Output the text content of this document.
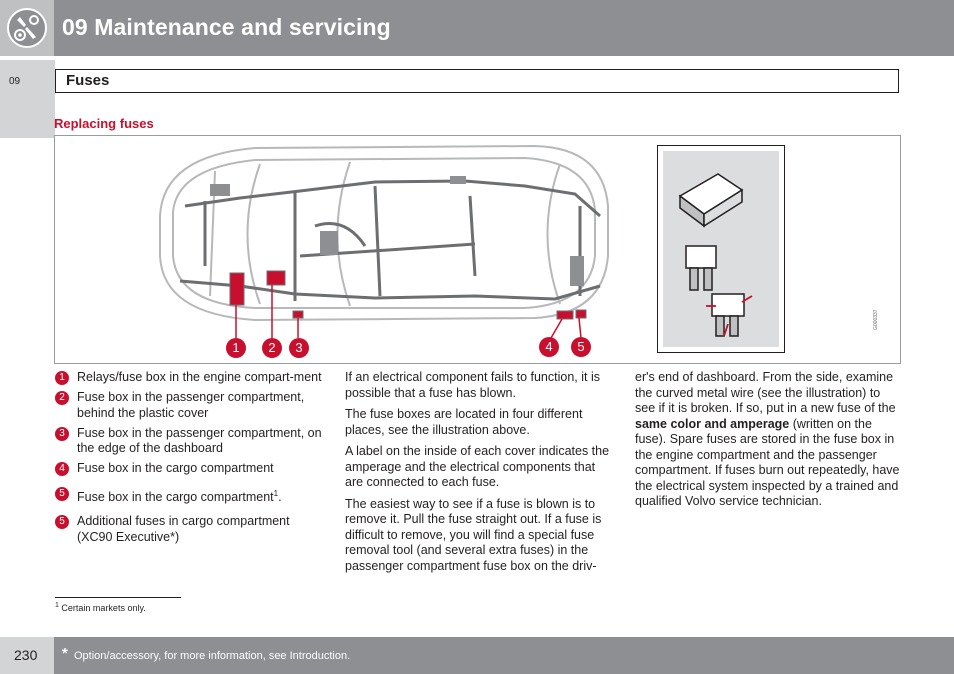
09 Maintenance and servicing
09	Fuses
Replacing fuses
1	2	3	4	5
G000337
1 Relays/fuse box in the engine compart-ment
2 Fuse box in the passenger compartment, behind the plastic cover
3 Fuse box in the passenger compartment, on the edge of the dashboard
4 Fuse box in the cargo compartment
5 Fuse box in the cargo compartment$^1$.
5 Additional fuses in cargo compartment (XC90 Executive*)

If an electrical component fails to function, it is possible that a fuse has blown.

The fuse boxes are located in four different places, see the illustration above.

A label on the inside of each cover indicates the amperage and the electrical components that are connected to each fuse.

The easiest way to see if a fuse is blown is to remove it. Pull the fuse straight out. If a fuse is difficult to remove, you will find a special fuse removal tool (and several extra fuses) in the passenger compartment fuse box on the driv-

er's end of dashboard. From the side, examine the curved metal wire (see the illustration) to see if it is broken. If so, put in a new fuse of the same color and amperage (written on the fuse). Spare fuses are stored in the fuse box in the engine compartment and the passenger compartment. If fuses burn out repeatedly, have the electrical system inspected by a trained and qualified Volvo service technician.

$^1$ Certain markets only.
230 * Option/accessory, for more information, see Introduction.
